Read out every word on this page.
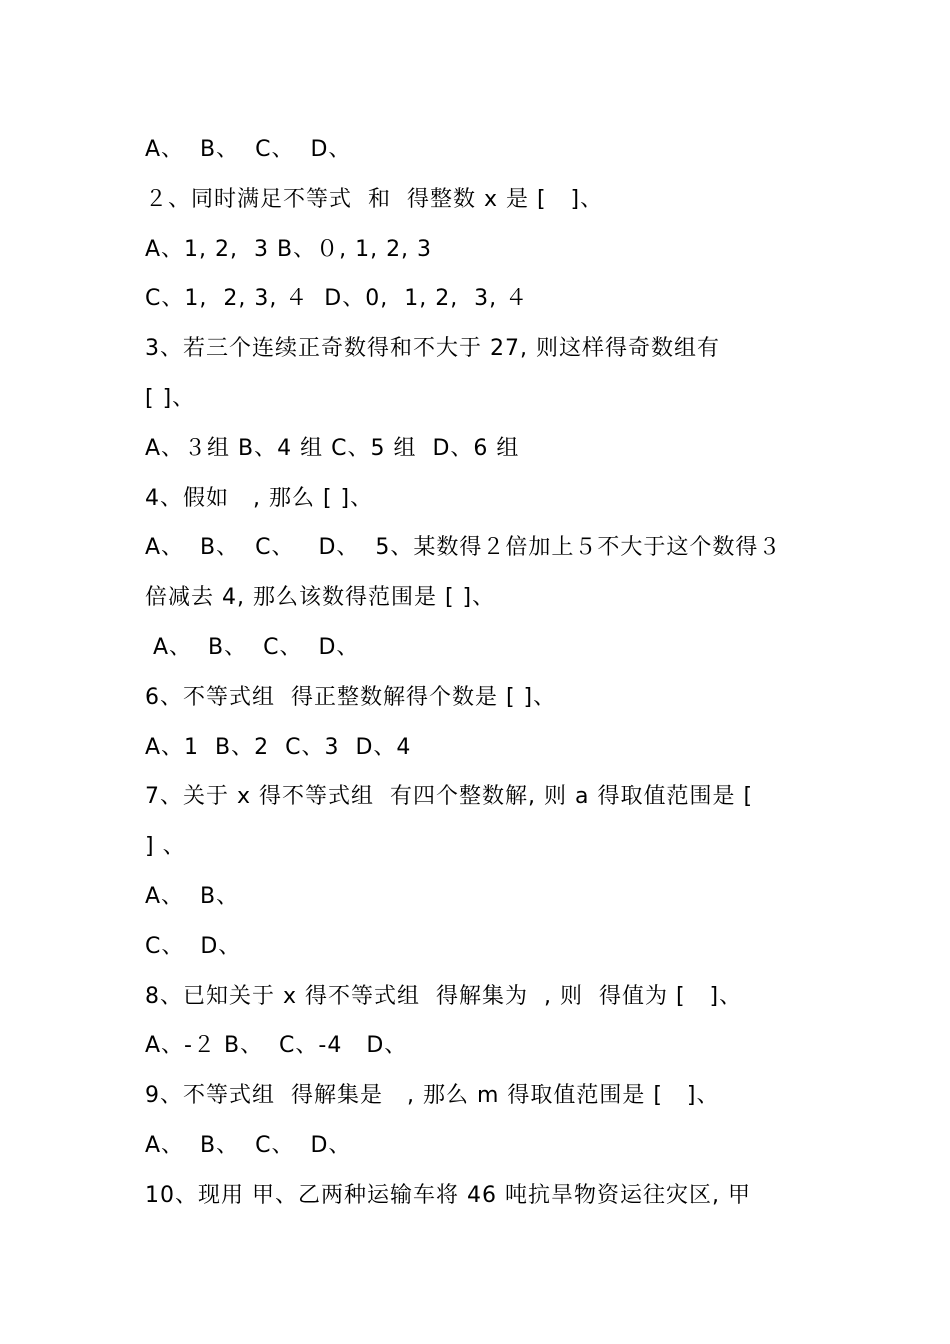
A、  B、  C、  D、
２、同时满足不等式  和  得整数 x 是 [   ]、
A、1, 2,  3 B、０, 1, 2, 3
C、1,  2, 3, ４  D、0,  1, 2,  3, ４
3、若三个连续正奇数得和不大于 27, 则这样得奇数组有
[ ]、
A、３组 B、4 组 C、5 组  D、6 组
4、假如   , 那么 [ ]、
A、  B、  C、   D、  5、某数得２倍加上５不大于这个数得３
倍减去 4, 那么该数得范围是 [ ]、
A、  B、  C、  D、
6、不等式组  得正整数解得个数是 [ ]、
A、1  B、2  C、3  D、4
7、关于 x 得不等式组  有四个整数解, 则 a 得取值范围是 [
] 、
A、  B、
C、  D、
8、已知关于 x 得不等式组  得解集为  , 则  得值为 [   ]、
A、-２ B、  C、-4   D、
9、不等式组  得解集是   , 那么 m 得取值范围是 [   ]、
A、  B、  C、  D、
10、现用 甲、乙两种运输车将 46 吨抗旱物资运往灾区, 甲
